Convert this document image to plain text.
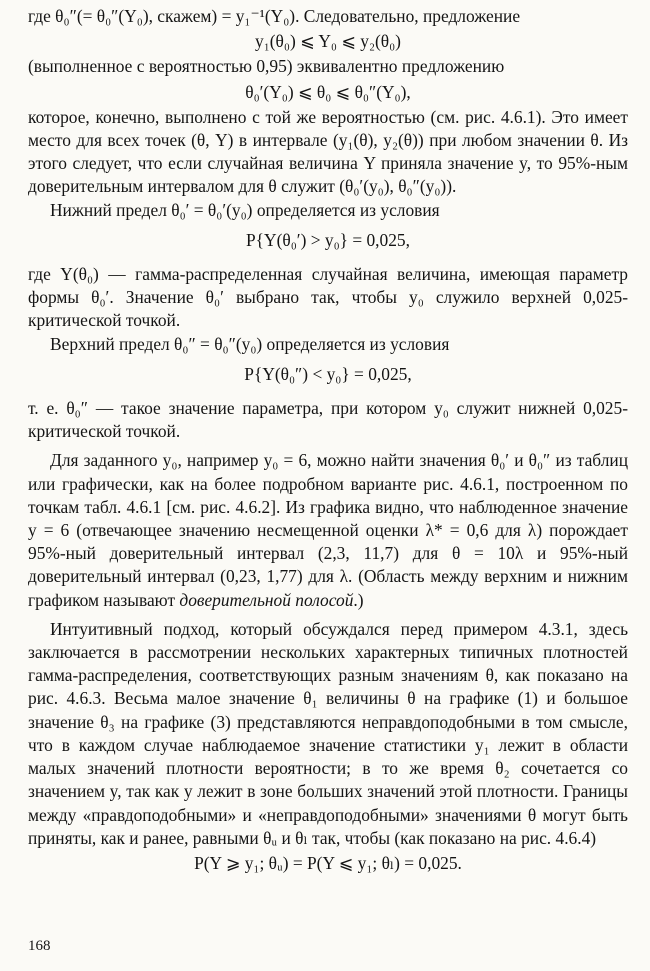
где θ₀″(= θ₀″(Y₀), скажем) = y₁⁻¹(Y₀). Следовательно, предложение

y₁(θ₀) ⩽ Y₀ ⩽ y₂(θ₀)

(выполненное с вероятностью 0,95) эквивалентно предложению

θ₀′(Y₀) ⩽ θ₀ ⩽ θ₀″(Y₀),

которое, конечно, выполнено с той же вероятностью (см. рис. 4.6.1). Это имеет место для всех точек (θ, Y) в интервале (y₁(θ), y₂(θ)) при любом значении θ. Из этого следует, что если случайная величина Y приняла значение y, то 95%-ным доверительным интервалом для θ служит (θ₀′(y₀), θ₀″(y₀)).

Нижний предел θ₀′ = θ₀′(y₀) определяется из условия

P{Y(θ₀′) > y₀} = 0,025,

где Y(θ₀) — гамма-распределенная случайная величина, имеющая параметр формы θ₀′. Значение θ₀′ выбрано так, чтобы y₀ служило верхней 0,025-критической точкой.

Верхний предел θ₀″ = θ₀″(y₀) определяется из условия

P{Y(θ₀″) < y₀} = 0,025,

т. е. θ₀″ — такое значение параметра, при котором y₀ служит нижней 0,025-критической точкой.

Для заданного y₀, например y₀ = 6, можно найти значения θ₀′ и θ₀″ из таблиц или графически, как на более подробном варианте рис. 4.6.1, построенном по точкам табл. 4.6.1 [см. рис. 4.6.2]. Из графика видно, что наблюденное значение y = 6 (отвечающее значению несмещенной оценки λ* = 0,6 для λ) порождает 95%-ный доверительный интервал (2,3, 11,7) для θ = 10λ и 95%-ный доверительный интервал (0,23, 1,77) для λ. (Область между верхним и нижним графиком называют доверительной полосой.)

Интуитивный подход, который обсуждался перед примером 4.3.1, здесь заключается в рассмотрении нескольких характерных типичных плотностей гамма-распределения, соответствующих разным значениям θ, как показано на рис. 4.6.3. Весьма малое значение θ₁ величины θ на графике (1) и большое значение θ₃ на графике (3) представляются неправдоподобными в том смысле, что в каждом случае наблюдаемое значение статистики y₁ лежит в области малых значений плотности вероятности; в то же время θ₂ сочетается со значением y, так как y лежит в зоне больших значений этой плотности. Границы между «правдоподобными» и «неправдоподобными» значениями θ могут быть приняты, как и ранее, равными θᵤ и θₗ так, чтобы (как показано на рис. 4.6.4)

P(Y ⩾ y₁; θᵤ) = P(Y ⩽ y₁; θₗ) = 0,025.

168
